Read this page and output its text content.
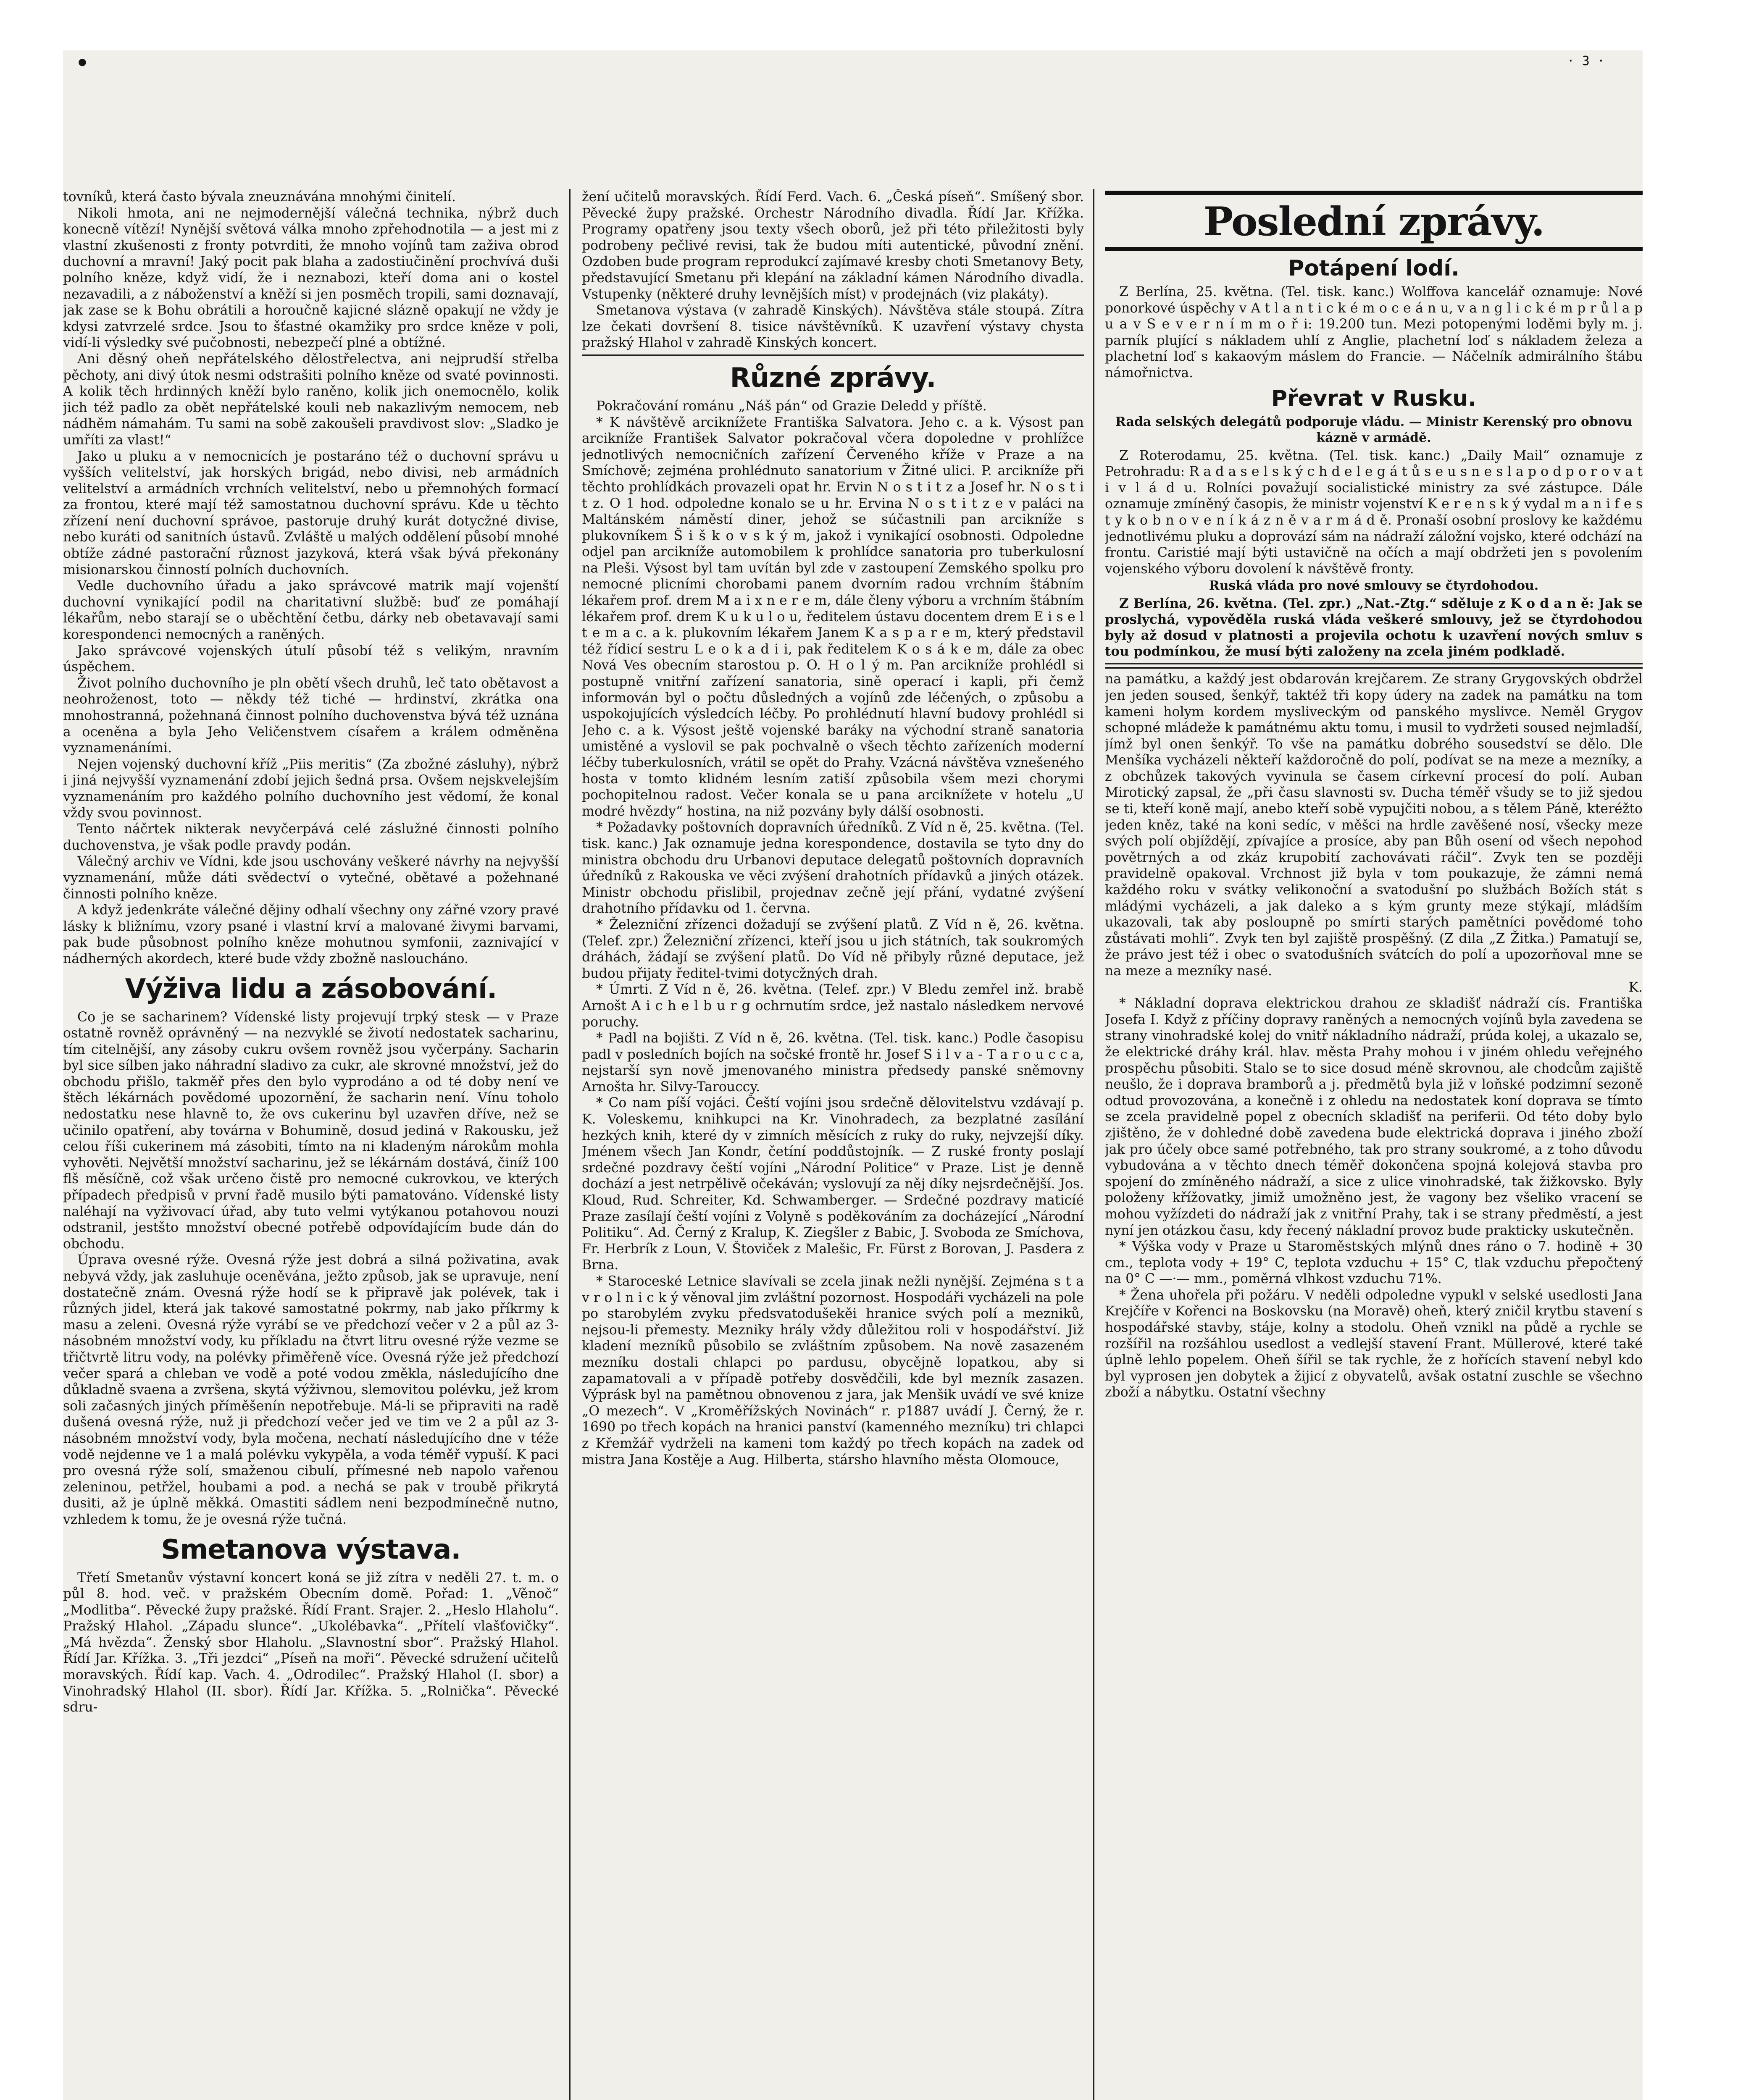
•	· 3 ·

tovníků, která často bývala zneuznávána mnohými činitelí.

Nikoli hmota, ani ne nejmodernější válečná technika, nýbrž duch konecně vítězí! Nynější světová válka mnoho zpřehodnotila — a jest mi z vlastní zkušenosti z fronty potvrditi, že mnoho vojínů tam zaživa obrod duchovní a mravní! Jaký pocit pak blaha a zadostiučinění prochvívá duši polního kněze, když vidí, že i neznabozi, kteří doma ani o kostel nezavadili, a z náboženství a kněží si jen posměch tropili, sami doznavají, jak zase se k Bohu obrátili a horoučně kajicné slázně opakují ne vždy je kdysi zatvrzelé srdce. Jsou to šťastné okamžiky pro srdce kněze v poli, vidí-li výsledky své pučobnosti, nebezpečí plné a obtížné.

Ani děsný oheň nepřátelského dělostřelectva, ani nejprudší střelba pěchoty, ani divý útok nesmi odstrašiti polního kněze od svaté povinnosti. A kolik těch hrdinných kněží bylo raněno, kolik jich onemocnělo, kolik jich též padlo za obět nepřátelské kouli neb nakazlivým nemocem, neb nádhěm námahám. Tu sami na sobě zakoušeli pravdivost slov: „Sladko je umříti za vlast!“

Jako u pluku a v nemocnicích je postaráno též o duchovní správu u vyšších velitelství, jak horských brigád, nebo divisi, neb armádních velitelství a armádních vrchních velitelství, nebo u přemnohých formací za frontou, které mají též samostatnou duchovní správu. Kde u těchto zřízení není duchovní správoe, pastoruje druhý kurát dotycžné divise, nebo kuráti od sanitních ústavů. Zvláště u malých oddělení působí mnohé obtíže zádné pastorační různost jazyková, která však bývá překonány misionarskou činností polních duchovních.

Vedle duchovního úřadu a jako správcové matrik mají vojenští duchovní vynikající podil na charitativní službě: buď ze pomáhají lékařům, nebo starají se o uběchtění četbu, dárky neb obetavavají sami korespondenci nemocných a raněných.

Jako správcové vojenských útulí působí též s velikým, nravním úspěchem.

Život polního duchovního je pln obětí všech druhů, leč tato obětavost a neohroženost, toto — někdy též tiché — hrdinství, zkrátka ona mnohostranná, požehnaná činnost polního duchovenstva bývá též uznána a oceněna a byla Jeho Veličenstvem císařem a králem odměněna vyznamenáními.

Nejen vojenský duchovní kříž „Piis meritis“ (Za zbožné zásluhy), nýbrž i jiná nejvyšší vyznamenání zdobí jejich šedná prsa. Ovšem nejskvelejším vyznamenáním pro každého polního duchovního jest vědomí, že konal vždy svou povinnost.

Tento náčrtek nikterak nevyčerpává celé záslužné činnosti polního duchovenstva, je však podle pravdy podán.

Válečný archiv ve Vídni, kde jsou uschovány veškeré návrhy na nejvyšší vyznamenání, může dáti svědectví o vytečné, obětavé a požehnané činnosti polního kněze.

A když jedenkráte válečné dějiny odhalí všechny ony zářné vzory pravé lásky k bližnímu, vzory psané i vlastní krví a malované živymi barvami, pak bude působnost polního kněze mohutnou symfonii, zaznivající v nádherných akordech, které bude vždy zbožně nasloucháno.

Výživa lidu a zásobování.

Co je se sacharinem? Vídenské listy projevují trpký stesk — v Praze ostatně rovněž oprávněný — na nezvyklé se životí nedostatek sacharinu, tím citelnější, any zásoby cukru ovšem rovněž jsou vyčerpány. Sacharin byl sice sílben jako náhradní sladivo za cukr, ale skrovné množství, jež do obchodu přišlo, takměř přes den bylo vyprodáno a od té doby není ve štěch lékárnách povědomé upozornění, že sacharin není. Vínu toholo nedostatku nese hlavně to, že ovs cukerinu byl uzavřen dříve, než se učinilo opatření, aby továrna v Bohumině, dosud jediná v Rakousku, jež celou říši cukerinem má zásobiti, tímto na ni kladeným nárokům mohla vyhověti. Největší množství sacharinu, jež se lékárnám dostává, činíž 100 flš měsíčně, což však určeno čistě pro nemocné cukrovkou, ve kterých případech předpisů v první řadě musilo býti pamatováno. Vídenské listy naléhají na vyživovací úřad, aby tuto velmi vytýkanou potahovou nouzi odstranil, jestšto množství obecné potřebě odpovídajícím bude dán do obchodu.

Úprava ovesné rýže. Ovesná rýže jest dobrá a silná poživatina, avak nebyvá vždy, jak zasluhuje oceněvána, ježto způsob, jak se upravuje, není dostatečně znám. Ovesná rýže hodí se k připravě jak polévek, tak i různých jidel, která jak takové samostatné pokrmy, nab jako příkrmy k masu a zeleni. Ovesná rýže vyrábí se ve předchozí večer v 2 a půl az 3-násobném množství vody, ku příkladu na čtvrt litru ovesné rýže vezme se třičtvrtě litru vody, na polévky přiměřeně více. Ovesná rýže jež předchozí večer spará a chleban ve vodě a poté vodou změkla, následujícího dne důkladně svaena a zvršena, skytá výživnou, slemovitou polévku, jež krom soli začasných jiných příměšenín nepotřebuje. Má-li se připraviti na radě dušená ovesná rýže, nuž ji předchozí večer jed ve tim ve 2 a půl az 3-násobném množství vody, byla močena, nechatí následujícího dne v téže vodě nejdenne ve 1 a malá polévku vykypěla, a voda téměř vypuší. K paci pro ovesná rýže solí, smaženou cibulí, přímesné neb napolo vařenou zeleninou, petřžel, houbami a pod. a nechá se pak v troubě přikrytá dusiti, až je úplně měkká. Omastiti sádlem neni bezpodmínečně nutno, vzhledem k tomu, že je ovesná rýže tučná.

Smetanova výstava.

Třetí Smetanův výstavní koncert koná se již zítra v neděli 27. t. m. o půl 8. hod. več. v pražském Obecním domě. Pořad: 1. „Věnoč“ „Modlitba“. Pěvecké župy pražské. Řídí Frant. Srajer. 2. „Heslo Hlaholu“. Pražský Hlahol. „Západu slunce“. „Ukolébavka“. „Přítelí vlašťovičky“. „Má hvězda“. Ženský sbor Hlaholu. „Slavnostní sbor“. Pražský Hlahol. Řídí Jar. Křížka. 3. „Tři jezdci“ „Píseň na moři“. Pěvecké sdružení učitelů moravských. Řídí kap. Vach. 4. „Odrodilec“. Pražský Hlahol (I. sbor) a Vinohradský Hlahol (II. sbor). Řídí Jar. Křížka. 5. „Rolnička“. Pěvecké sdru-

žení učitelů moravských. Řídí Ferd. Vach. 6. „Česká píseň“. Smíšený sbor. Pěvecké župy pražské. Orchestr Národního divadla. Řídí Jar. Křížka. Programy opatřeny jsou texty všech oborů, jež při této přiležitosti byly podrobeny pečlivé revisi, tak že budou míti autentické, původní znění. Ozdoben bude program reprodukcí zajímavé kresby choti Smetanovy Bety, představující Smetanu při klepání na základní kámen Národního divadla. Vstupenky (některé druhy levnějších míst) v prodejnách (viz plakáty).

Smetanova výstava (v zahradě Kinských). Návštěva stále stoupá. Zítra lze čekati dovršení 8. tisice návštěvníků. K uzavření výstavy chysta pražský Hlahol v zahradě Kinských koncert.

Různé zprávy.

Pokračování románu „Náš pán“ od Grazie Deledd y příště.

* K návštěvě arciknížete Františka Salvatora. Jeho c. a k. Výsost pan arcikníže František Salvator pokračoval včera dopoledne v prohlížce jednotlivých nemocničních zařízení Červeného kříže v Praze a na Smíchově; zejména prohlédnuto sanatorium v Žitné ulici. P. arcikníže při těchto prohlídkách provazeli opat hr. Ervin N o s t i t z a Josef hr. N o s t i t z. O 1 hod. odpoledne konalo se u hr. Ervina N o s t i t z e v paláci na Maltánském náměstí diner, jehož se súčastnili pan arcikníže s plukovníkem Š i š k o v s k ý m, jakož i vynikající osobnosti. Odpoledne odjel pan arcikníže automobilem k prohlídce sanatoria pro tuberkulosní na Pleši. Výsost byl tam uvítán byl zde v zastoupení Zemského spolku pro nemocné plicními chorobami panem dvorním radou vrchním štábním lékařem prof. drem M a i x n e r e m, dále členy výboru a vrchním štábním lékařem prof. drem K u k u l o u, ředitelem ústavu docentem drem E i s e l t e m a c. a k. plukovním lékařem Janem K a s p a r e m, který představil též řídicí sestru L e o k a d i i, pak ředitelem K o s á k e m, dále za obec Nová Ves obecním starostou p. O. H o l ý m. Pan arcikníže prohlédl si postupně vnitřní zařízení sanatoria, sině operací i kapli, při čemž informován byl o počtu důsledných a vojínů zde léčených, o způsobu a uspokojujících výsledcích léčby. Po prohlédnutí hlavní budovy prohlédl si Jeho c. a k. Výsost ještě vojenské baráky na východní straně sanatoria umistěné a vyslovil se pak pochvalně o všech těchto zařízeních moderní léčby tuberkulosních, vrátil se opět do Prahy. Vzácná návštěva vznešeného hosta v tomto klidném lesním zatiší způsobila všem mezi chorymi pochopitelnou radost. Večer konala se u pana arciknížete v hotelu „U modré hvězdy“ hostina, na niž pozvány byly dálší osobnosti.

* Požadavky poštovních dopravních úředníků. Z Víd n ě, 25. května. (Tel. tisk. kanc.) Jak oznamuje jedna korespondence, dostavila se tyto dny do ministra obchodu dru Urbanovi deputace delegatů poštovních dopravních úředníků z Rakouska ve věci zvýšení drahotních přídavků a jiných otázek. Ministr obchodu přislibil, projednav zečně její přání, vydatné zvýšení drahotního přídavku od 1. června.

* Železniční zřízenci dožadují se zvýšení platů. Z Víd n ě, 26. května. (Telef. zpr.) Železniční zřízenci, kteří jsou u jich státních, tak soukromých dráhách, žádají se zvýšení platů. Do Víd ně přibyly různé deputace, jež budou přijaty ředitel-tvimi dotycžných drah.

* Úmrti. Z Víd n ě, 26. května. (Telef. zpr.) V Bledu zemřel inž. brabě Arnošt A i c h e l b u r g ochrnutím srdce, jež nastalo následkem nervové poruchy.

* Padl na bojišti. Z Víd n ě, 26. května. (Tel. tisk. kanc.) Podle časopisu padl v posledních bojích na sočské frontě hr. Josef S i l v a - T a r o u c c a, nejstarší syn nově jmenovaného ministra předsedy panské sněmovny Arnošta hr. Silvy-Tarouccy.

* Co nam píší vojáci. Čeští vojíni jsou srdečně dělovitelstvu vzdávají p. K. Voleskemu, knihkupci na Kr. Vinohradech, za bezplatné zasílání hezkých knih, které dy v zimních měsících z ruky do ruky, nejvzejší díky. Jménem všech Jan Kondr, četíní poddůstojník. — Z ruské fronty poslají srdečné pozdravy čeští vojíni „Národní Politice“ v Praze. List je denně dochází a jest netrpělivě očekáván; vyslovují za něj díky nejsrdečnější. Jos. Kloud, Rud. Schreiter, Kd. Schwamberger. — Srdečné pozdravy maticíé Praze zasílají čeští vojíni z Volyně s poděkováním za docházející „Národní Politiku“. Ad. Černý z Kralup, K. Ziegšler z Babic, J. Svoboda ze Smíchova, Fr. Herbrík z Loun, V. Štoviček z Malešic, Fr. Fürst z Borovan, J. Pasdera z Brna.

* Staroceské Letnice slavívali se zcela jinak nežli nynější. Zejména s t a v r o l n i c k ý věnoval jim zvláštní pozornost. Hospodáři vycházeli na pole po starobylém zvyku předsvatodušekěi hranice svých polí a mezniků, nejsou-li přemesty. Mezniky hrály vždy důležitou roli v hospodářství. Již kladení mezníků působilo se zvláštním způsobem. Na nově zasazeném mezníku dostali chlapci po pardusu, obycějně lopatkou, aby si zapamatovali a v případě potřeby dosvědčili, kde byl mezník zasazen. Výprásk byl na pamětnou obnovenou z jara, jak Menšik uvádí ve své knize „O mezech“. V „Kroměřížských Novinách“ r. ƿ1887 uvádí J. Černý, že r. 1690 po třech kopách na hranici panství (kamenného mezníku) tri chlapci z Křemžář vydrželi na kameni tom každý po třech kopách na zadek od mistra Jana Kostěje a Aug. Hilberta, stársho hlavního města Olomouce,

Poslední zprávy.
Potápení lodí.

Z Berlína, 25. května. (Tel. tisk. kanc.) Wolffova kancelář oznamuje: Nové ponorkové úspěchy v A t l a n t i c k é m o c e á n u, v a n g l i c k é m p r ů l a p u a v S e v e r n í m m o ř i: 19.200 tun. Mezi potopenými loděmi byly m. j. parník plující s nákladem uhlí z Anglie, plachetní loď s nákladem železa a plachetní loď s kakaovým máslem do Francie. — Náčelník admirálního štábu námořnictva.

Převrat v Rusku.
Rada selských delegátů podporuje vládu. — Ministr Kerenský pro obnovu kázně v armádě.

Z Roterodamu, 25. května. (Tel. tisk. kanc.) „Daily Mail“ oznamuje z Petrohradu: R a d a s e l s k ý c h d e l e g á t ů s e u s n e s l a p o d p o r o v a t i v l á d u. Rolníci považují socialistické ministry za své zástupce. Dále oznamuje zmíněný časopis, že ministr vojenství K e r e n s k ý vydal m a n i f e s t y k o b n o v e n í k á z n ě v a r m á d ě. Pronaší osobní proslovy ke každému jednotlivému pluku a doprovází sám na nádraží záložní vojsko, které odchází na frontu. Caristié mají býti ustavičně na očích a mají obdržeti jen s povolením vojenského výboru dovolení k návštěvě fronty.

Ruská vláda pro nové smlouvy se čtyrdohodou.

Z Berlína, 26. května. (Tel. zpr.) „Nat.-Ztg.“ sděluje z K o d a n ě: Jak se proslychá, vypověděla ruská vláda veškeré smlouvy, jež se čtyrdohodou byly až dosud v platnosti a projevila ochotu k uzavření nových smluv s tou podmínkou, že musí býti založeny na zcela jiném podkladě.

na památku, a každý jest obdarován krejčarem. Ze strany Grygovských obdržel jen jeden soused, šenkýř, taktéž tři kopy údery na zadek na památku na tom kameni holym kordem mysliveckým od panského myslivce. Neměl Grygov schopné mládeže k památnému aktu tomu, i musil to vydržeti soused nejmladší, jímž byl onen šenkýř. To vše na památku dobrého sousedství se dělo. Dle Menšíka vycházeli někteří každoročně do polí, podívat se na meze a mezníky, a z obchůzek takových vyvinula se časem církevní procesí do polí. Auban Mirotický zapsal, že „při času slavnosti sv. Ducha téměř všudy se to již sjedou se ti, kteří koně mají, anebo kteří sobě vypujčiti nobou, a s tělem Páně, kteréžto jeden kněz, také na koni sedíc, v měšci na hrdle zavěšené nosí, všecky meze svých polí objíždějí, zpívajíce a prosíce, aby pan Bůh osení od všech nepohod povětrných a od zkáz krupobití zachovávati ráčil“. Zvyk ten se později pravidelně opakoval. Vrchnost již byla v tom poukazuje, že zámni nemá každého roku v svátky velikonoční a svatodušní po službách Božích stát s mládými vycházeli, a jak daleko a s kým grunty meze stýkají, mládším ukazovali, tak aby posloupně po smírti starých pamětníci povědomé toho zůstávati mohli“. Zvyk ten byl zajiště prospěšný. (Z dila „Z Žitka.) Pamatují se, že právo jest též i obec o svatodušních svátcích do polí a upozorňoval mne se na meze a mezníky nasé.

K.

* Nákladní doprava elektrickou drahou ze skladišť nádraží cís. Františka Josefa I. Když z příčiny dopravy raněných a nemocných vojínů byla zavedena se strany vinohradské kolej do vnitř nákladního nádraží, prúda kolej, a ukazalo se, že elektrické dráhy král. hlav. města Prahy mohou i v jiném ohledu veřejného prospěchu působiti. Stalo se to sice dosud méně skrovnou, ale chodcům zajiště neušlo, že i doprava bramborů a j. předmětů byla již v loňské podzimní sezoně odtud provozována, a konečně i z ohledu na nedostatek koní doprava se tímto se zcela pravidelně popel z obecních skladišť na periferii. Od této doby bylo zjištěno, že v dohledné době zavedena bude elektrická doprava i jiného zboží jak pro účely obce samé potřebného, tak pro strany soukromé, a z toho důvodu vybudována a v těchto dnech téměř dokončena spojná kolejová stavba pro spojení do zmíněného nádraží, a sice z ulice vinohradské, tak žižkovsko. Byly položeny křížovatky, jimiž umožněno jest, že vagony bez všeliko vracení se mohou vyžízdeti do nádraží jak z vnitřní Prahy, tak i se strany předměstí, a jest nyní jen otázkou času, kdy řecený nákladní provoz bude prakticky uskutečněn.

* Výška vody v Praze u Staroměstských mlýnů dnes ráno o 7. hodině + 30 cm., teplota vody + 19° C, teplota vzduchu + 15° C, tlak vzduchu přepočtený na 0° C —·— mm., poměrná vlhkost vzduchu 71%.

* Žena uhořela při požáru. V neděli odpoledne vypukl v selské usedlosti Jana Krejčíře v Kořenci na Boskovsku (na Moravě) oheň, který zničil krytbu stavení s hospodářské stavby, stáje, kolny a stodolu. Oheň vznikl na půdě a rychle se rozšířil na rozšáhlou usedlost a vedlejší stavení Frant. Müllerové, které také úplně lehlo popelem. Oheň šířil se tak rychle, že z hořících stavení nebyl kdo byl vyprosen jen dobytek a žijicí z obyvatelů, avšak ostatní zuschle se všechno zboží a nábytku. Ostatní všechny
